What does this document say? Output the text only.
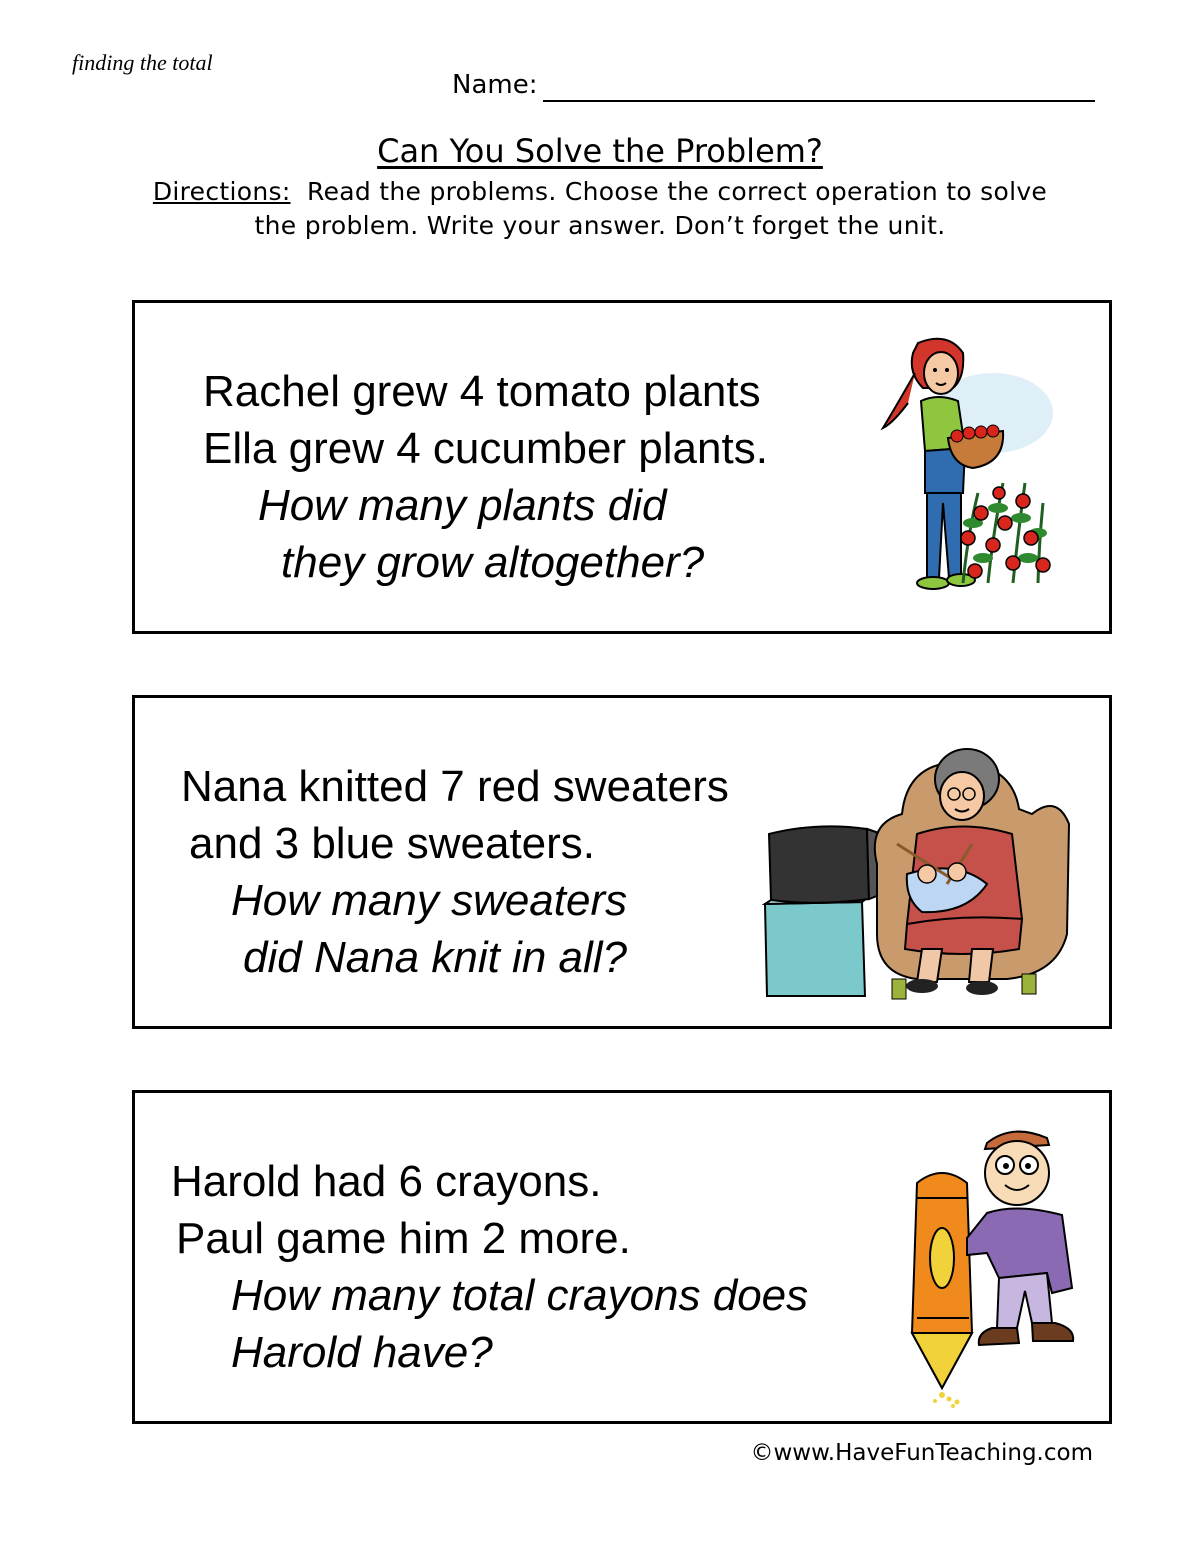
finding the total
Name:
Can You Solve the Problem?
Directions: Read the problems. Choose the correct operation to solve
the problem. Write your answer. Don’t forget the unit.
Rachel grew 4 tomato plants
Ella grew 4 cucumber plants.
How many plants did
they grow altogether?
Nana knitted 7 red sweaters
and 3 blue sweaters.
How many sweaters
did Nana knit in all?
Harold had 6 crayons.
Paul game him 2 more.
How many total crayons does
Harold have?
©www.HaveFunTeaching.com
